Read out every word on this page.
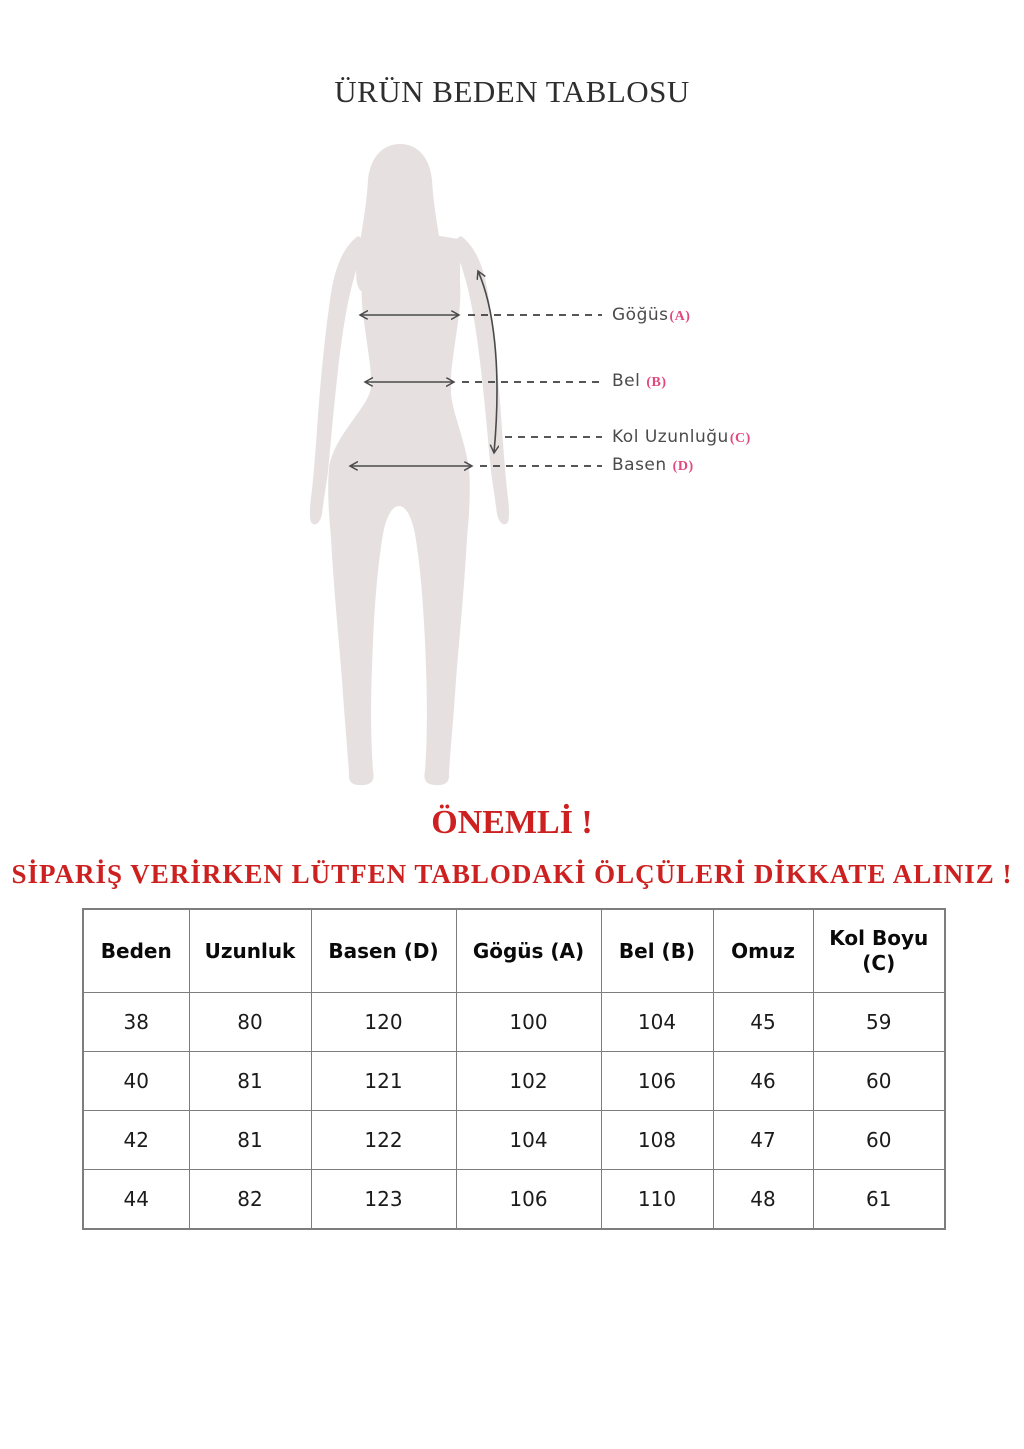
ÜRÜN BEDEN TABLOSU
Göğüs(A)
Bel (B)
Kol Uzunluğu(C)
Basen (D)
ÖNEMLİ !

SİPARİŞ VERİRKEN LÜTFEN TABLODAKİ ÖLÇÜLERİ DİKKATE ALINIZ !

Beden	Uzunluk	Basen (D)	Gögüs (A)	Bel (B)	Omuz	Kol Boyu (C)
38	80	120	100	104	45	59
40	81	121	102	106	46	60
42	81	122	104	108	47	60
44	82	123	106	110	48	61
